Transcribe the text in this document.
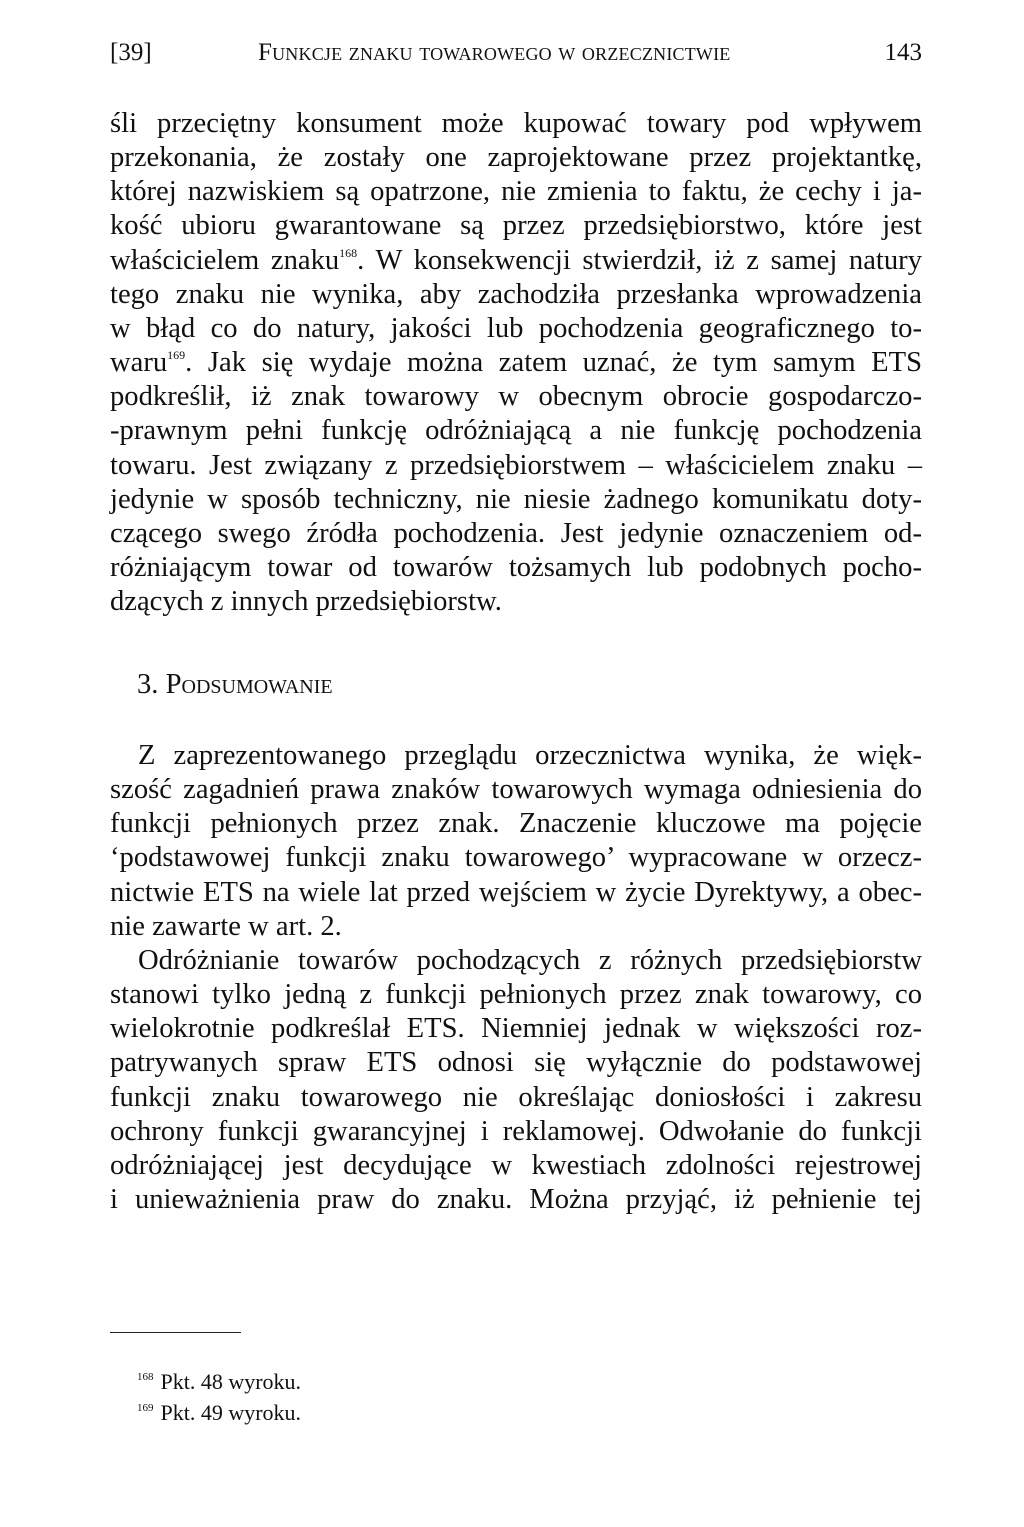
[39]	Funkcje znaku towarowego w orzecznictwie	143
śli przeciętny konsument może kupować towary pod wpływem
przekonania, że zostały one zaprojektowane przez projektantkę,
której nazwiskiem są opatrzone, nie zmienia to faktu, że cechy i ja-
kość ubioru gwarantowane są przez przedsiębiorstwo, które jest
właścicielem znaku$^{168}$. W konsekwencji stwierdził, iż z samej natury
tego znaku nie wynika, aby zachodziła przesłanka wprowadzenia
w błąd co do natury, jakości lub pochodzenia geograficznego to-
waru$^{169}$. Jak się wydaje można zatem uznać, że tym samym ETS
podkreślił, iż znak towarowy w obecnym obrocie gospodarczo-
-prawnym pełni funkcję odróżniającą a nie funkcję pochodzenia
towaru. Jest związany z przedsiębiorstwem – właścicielem znaku –
jedynie w sposób techniczny, nie niesie żadnego komunikatu doty-
czącego swego źródła pochodzenia. Jest jedynie oznaczeniem od-
różniającym towar od towarów tożsamych lub podobnych pocho-
dzących z innych przedsiębiorstw.
3. Podsumowanie
Z zaprezentowanego przeglądu orzecznictwa wynika, że więk-
szość zagadnień prawa znaków towarowych wymaga odniesienia do
funkcji pełnionych przez znak. Znaczenie kluczowe ma pojęcie
‘podstawowej funkcji znaku towarowego’ wypracowane w orzecz-
nictwie ETS na wiele lat przed wejściem w życie Dyrektywy, a obec-
nie zawarte w art. 2.
Odróżnianie towarów pochodzących z różnych przedsiębiorstw
stanowi tylko jedną z funkcji pełnionych przez znak towarowy, co
wielokrotnie podkreślał ETS. Niemniej jednak w większości roz-
patrywanych spraw ETS odnosi się wyłącznie do podstawowej
funkcji znaku towarowego nie określając doniosłości i zakresu
ochrony funkcji gwarancyjnej i reklamowej. Odwołanie do funkcji
odróżniającej jest decydujące w kwestiach zdolności rejestrowej
i unieważnienia praw do znaku. Można przyjąć, iż pełnienie tej
$^{168}$ Pkt. 48 wyroku.
$^{169}$ Pkt. 49 wyroku.
